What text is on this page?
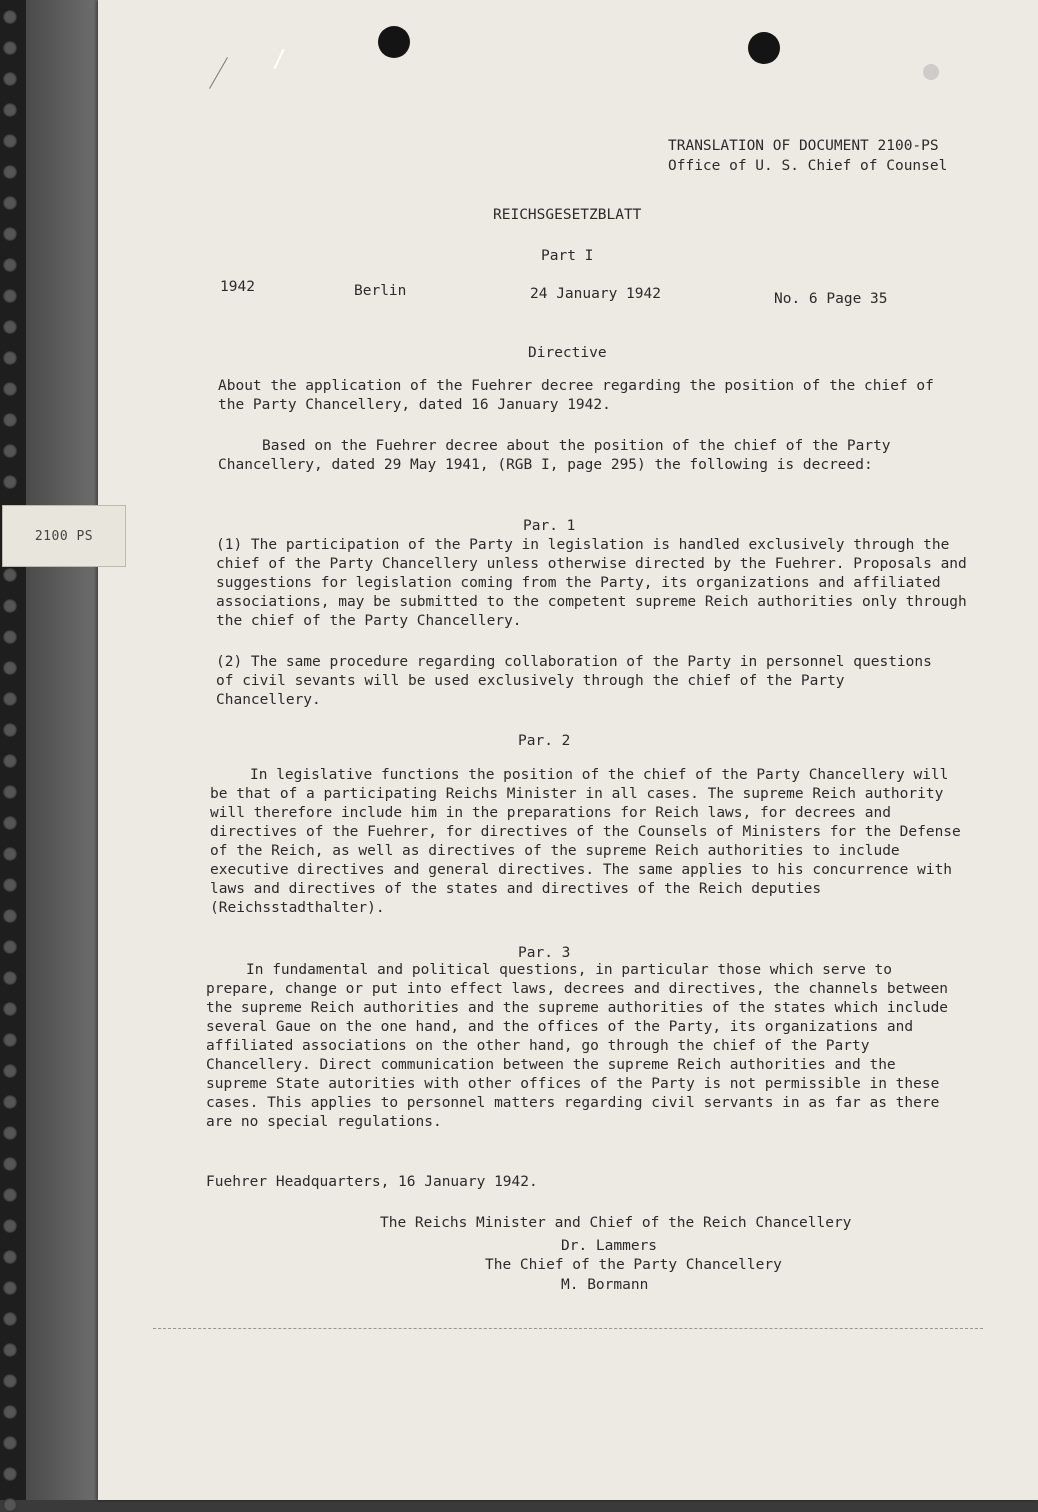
TRANSLATION OF DOCUMENT 2100-PS
Office of U. S. Chief of Counsel
REICHSGESETZBLATT
Part I
1942	Berlin	24 January 1942	No. 6 Page 35
Directive

About the application of the Fuehrer decree regarding the position of the chief of the Party Chancellery, dated 16 January 1942.

Based on the Fuehrer decree about the position of the chief of the Party Chancellery, dated 29 May 1941, (RGB I, page 295) the following is decreed:

Par. 1

(1) The participation of the Party in legislation is handled exclusively through the chief of the Party Chancellery unless otherwise directed by the Fuehrer. Proposals and suggestions for legislation coming from the Party, its organizations and affiliated associations, may be submitted to the competent supreme Reich authorities only through the chief of the Party Chancellery.

(2) The same procedure regarding collaboration of the Party in personnel questions of civil sevants will be used exclusively through the chief of the Party Chancellery.

Par. 2

In legislative functions the position of the chief of the Party Chancellery will be that of a participating Reichs Minister in all cases. The supreme Reich authority will therefore include him in the preparations for Reich laws, for decrees and directives of the Fuehrer, for directives of the Counsels of Ministers for the Defense of the Reich, as well as directives of the supreme Reich authorities to include executive directives and general directives. The same applies to his concurrence with laws and directives of the states and directives of the Reich deputies (Reichsstadthalter).

Par. 3

In fundamental and political questions, in particular those which serve to prepare, change or put into effect laws, decrees and directives, the channels between the supreme Reich authorities and the supreme authorities of the states which include several Gaue on the one hand, and the offices of the Party, its organizations and affiliated associations on the other hand, go through the chief of the Party Chancellery. Direct communication between the supreme Reich authorities and the supreme State autorities with other offices of the Party is not permissible in these cases. This applies to personnel matters regarding civil servants in as far as there are no special regulations.

Fuehrer Headquarters, 16 January 1942.
The Reichs Minister and Chief of the Reich Chancellery
Dr. Lammers
The Chief of the Party Chancellery
M. Bormann
2100 PS
